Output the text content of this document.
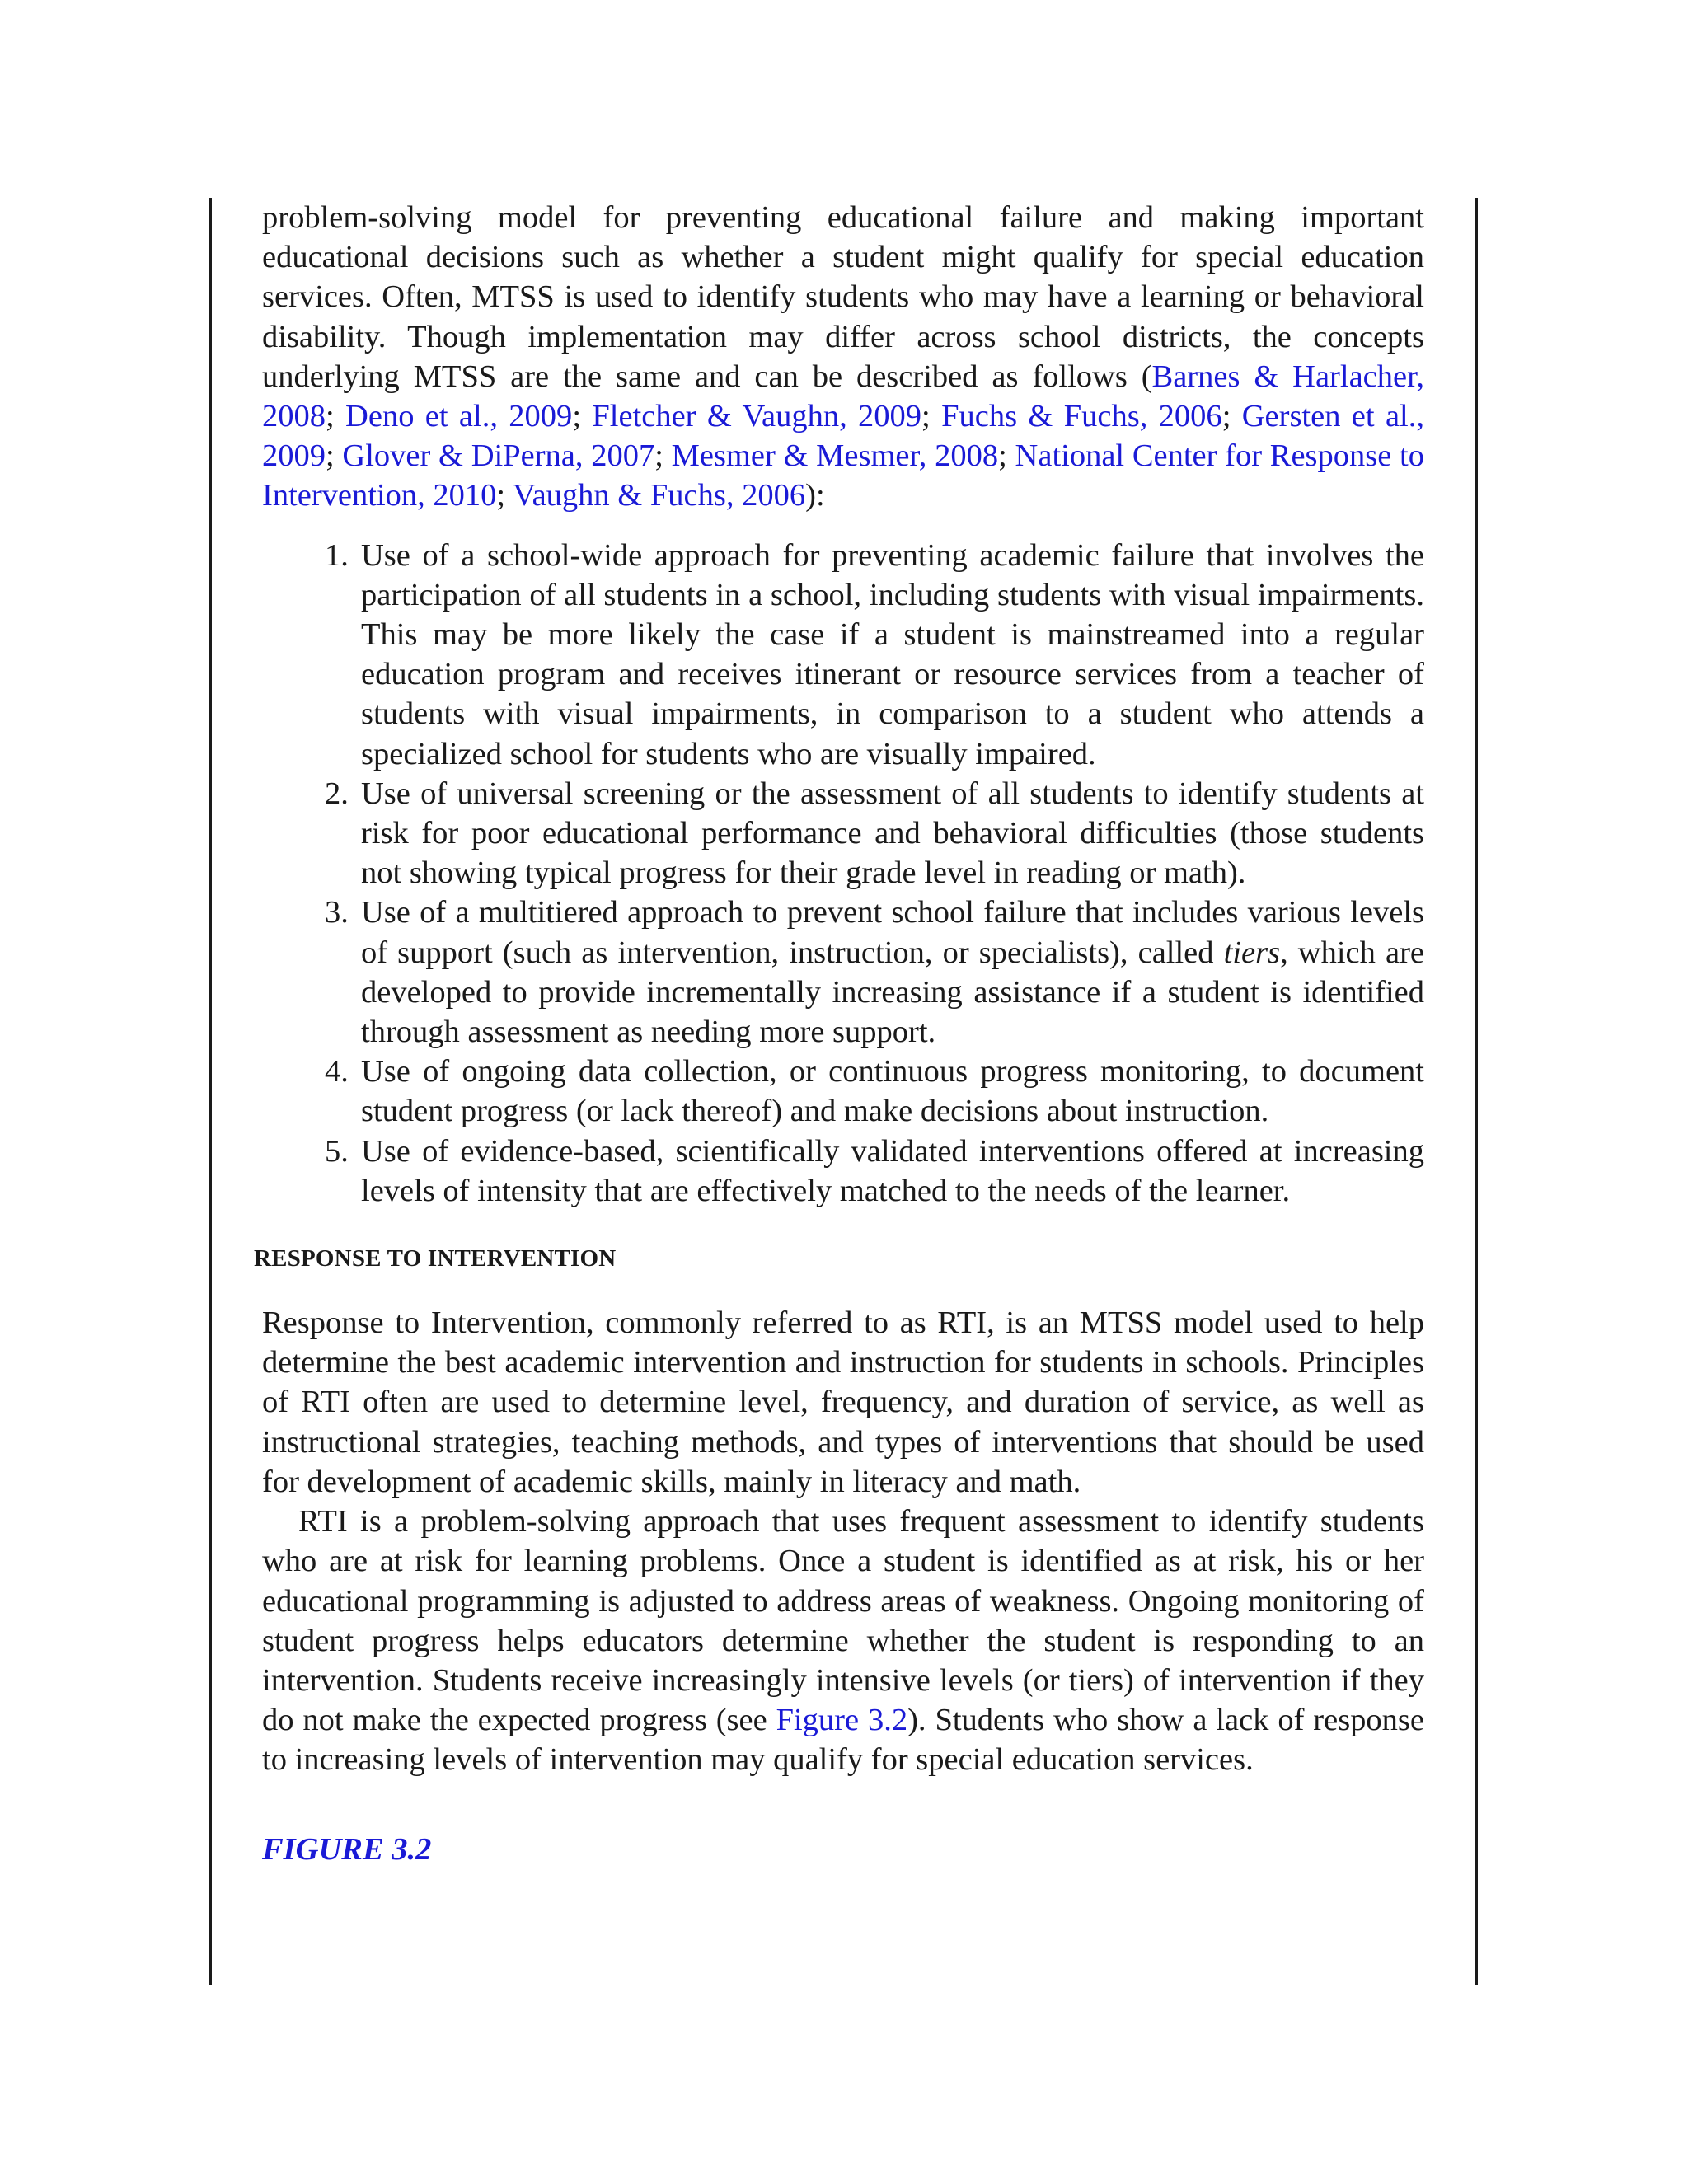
problem-solving model for preventing educational failure and making important educational decisions such as whether a student might qualify for special education services. Often, MTSS is used to identify students who may have a learning or behavioral disability. Though implementation may differ across school districts, the concepts underlying MTSS are the same and can be described as follows (Barnes & Harlacher, 2008; Deno et al., 2009; Fletcher & Vaughn, 2009; Fuchs & Fuchs, 2006; Gersten et al., 2009; Glover & DiPerna, 2007; Mesmer & Mesmer, 2008; National Center for Response to Intervention, 2010; Vaughn & Fuchs, 2006):

1. Use of a school-wide approach for preventing academic failure that involves the participation of all students in a school, including students with visual impairments. This may be more likely the case if a student is mainstreamed into a regular education program and receives itinerant or resource services from a teacher of students with visual impairments, in comparison to a student who attends a specialized school for students who are visually impaired.
2. Use of universal screening or the assessment of all students to identify students at risk for poor educational performance and behavioral difficulties (those students not showing typical progress for their grade level in reading or math).
3. Use of a multitiered approach to prevent school failure that includes various levels of support (such as intervention, instruction, or specialists), called tiers, which are developed to provide incrementally increasing assistance if a student is identified through assessment as needing more support.
4. Use of ongoing data collection, or continuous progress monitoring, to document student progress (or lack thereof) and make decisions about instruction.
5. Use of evidence-based, scientifically validated interventions offered at increasing levels of intensity that are effectively matched to the needs of the learner.
RESPONSE TO INTERVENTION

Response to Intervention, commonly referred to as RTI, is an MTSS model used to help determine the best academic intervention and instruction for students in schools. Principles of RTI often are used to determine level, frequency, and duration of service, as well as instructional strategies, teaching methods, and types of interventions that should be used for development of academic skills, mainly in literacy and math.

RTI is a problem-solving approach that uses frequent assessment to identify students who are at risk for learning problems. Once a student is identified as at risk, his or her educational programming is adjusted to address areas of weakness. Ongoing monitoring of student progress helps educators determine whether the student is responding to an intervention. Students receive increasingly intensive levels (or tiers) of intervention if they do not make the expected progress (see Figure 3.2). Students who show a lack of response to increasing levels of intervention may qualify for special education services.

FIGURE 3.2
